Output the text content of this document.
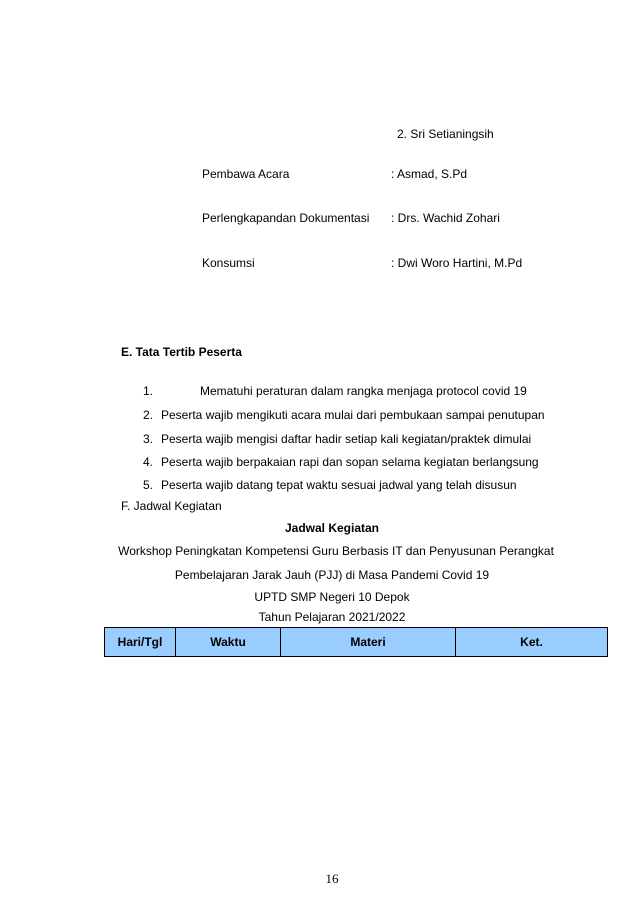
2. Sri Setianingsih
Pembawa Acara	: Asmad, S.Pd
Perlengkapan dan Dokumentasi : Drs. Wachid Zohari
Konsumsi	: Dwi Woro Hartini, M.Pd
E. Tata Tertib Peserta
1.	Mematuhi peraturan dalam rangka menjaga protocol covid 19
2. Peserta wajib mengikuti acara mulai dari pembukaan sampai penutupan
3. Peserta wajib mengisi daftar hadir setiap kali kegiatan/praktek dimulai
4. Peserta wajib berpakaian rapi dan sopan selama kegiatan berlangsung
5. Peserta wajib datang tepat waktu sesuai jadwal yang telah disusun
F. Jadwal Kegiatan
Jadwal Kegiatan
Workshop Peningkatan Kompetensi Guru Berbasis IT dan Penyusunan Perangkat
Pembelajaran Jarak Jauh (PJJ) di Masa Pandemi Covid 19
UPTD SMP Negeri 10 Depok
Tahun Pelajaran 2021/2022
Hari/Tgl	Waktu	Materi	Ket.
16
